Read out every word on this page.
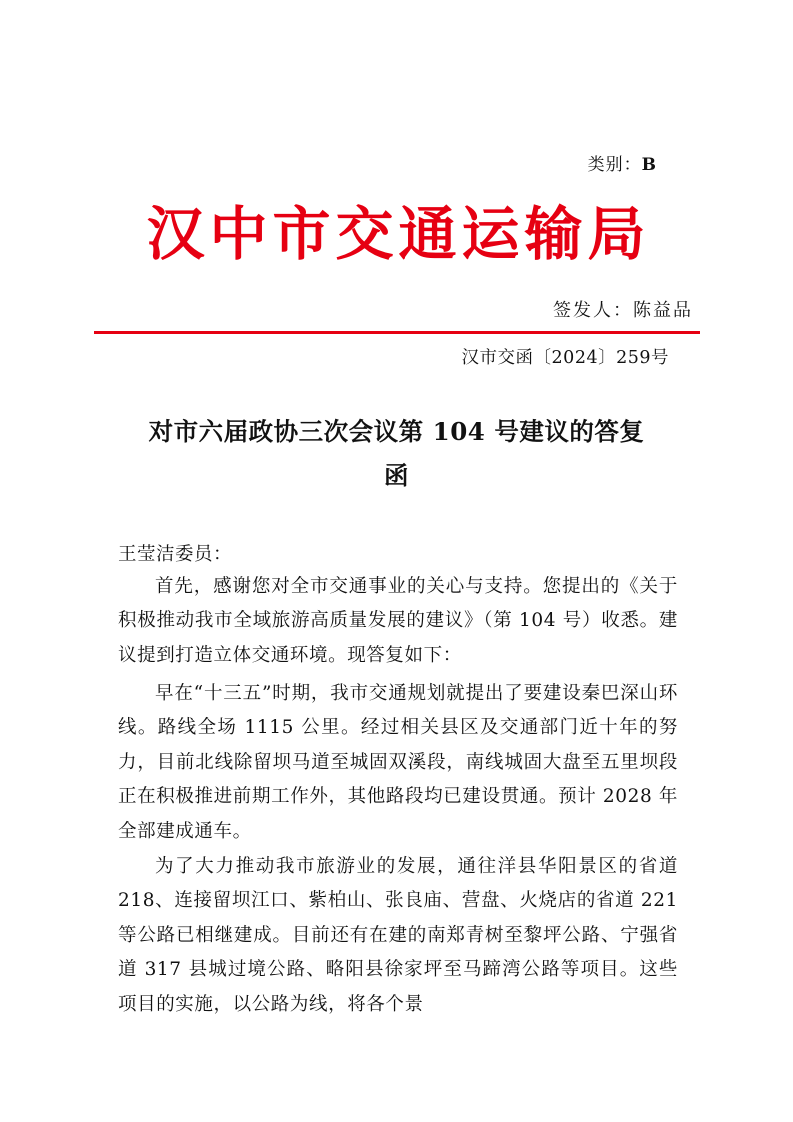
类别：B
汉中市交通运输局
签发人：陈益品
汉市交函〔2024〕259号
对市六届政协三次会议第 104 号建议的答复
函
王莹洁委员：
首先，感谢您对全市交通事业的关心与支持。您提出的《关于积极推动我市全域旅游高质量发展的建议》（第 104 号）收悉。建议提到打造立体交通环境。现答复如下：
早在“十三五”时期，我市交通规划就提出了要建设秦巴深山环线。路线全场 1115 公里。经过相关县区及交通部门近十年的努力，目前北线除留坝马道至城固双溪段，南线城固大盘至五里坝段正在积极推进前期工作外，其他路段均已建设贯通。预计 2028 年全部建成通车。
为了大力推动我市旅游业的发展，通往洋县华阳景区的省道 218、连接留坝江口、紫柏山、张良庙、营盘、火烧店的省道 221 等公路已相继建成。目前还有在建的南郑青树至黎坪公路、宁强省道 317 县城过境公路、略阳县徐家坪至马蹄湾公路等项目。这些项目的实施，以公路为线，将各个景
